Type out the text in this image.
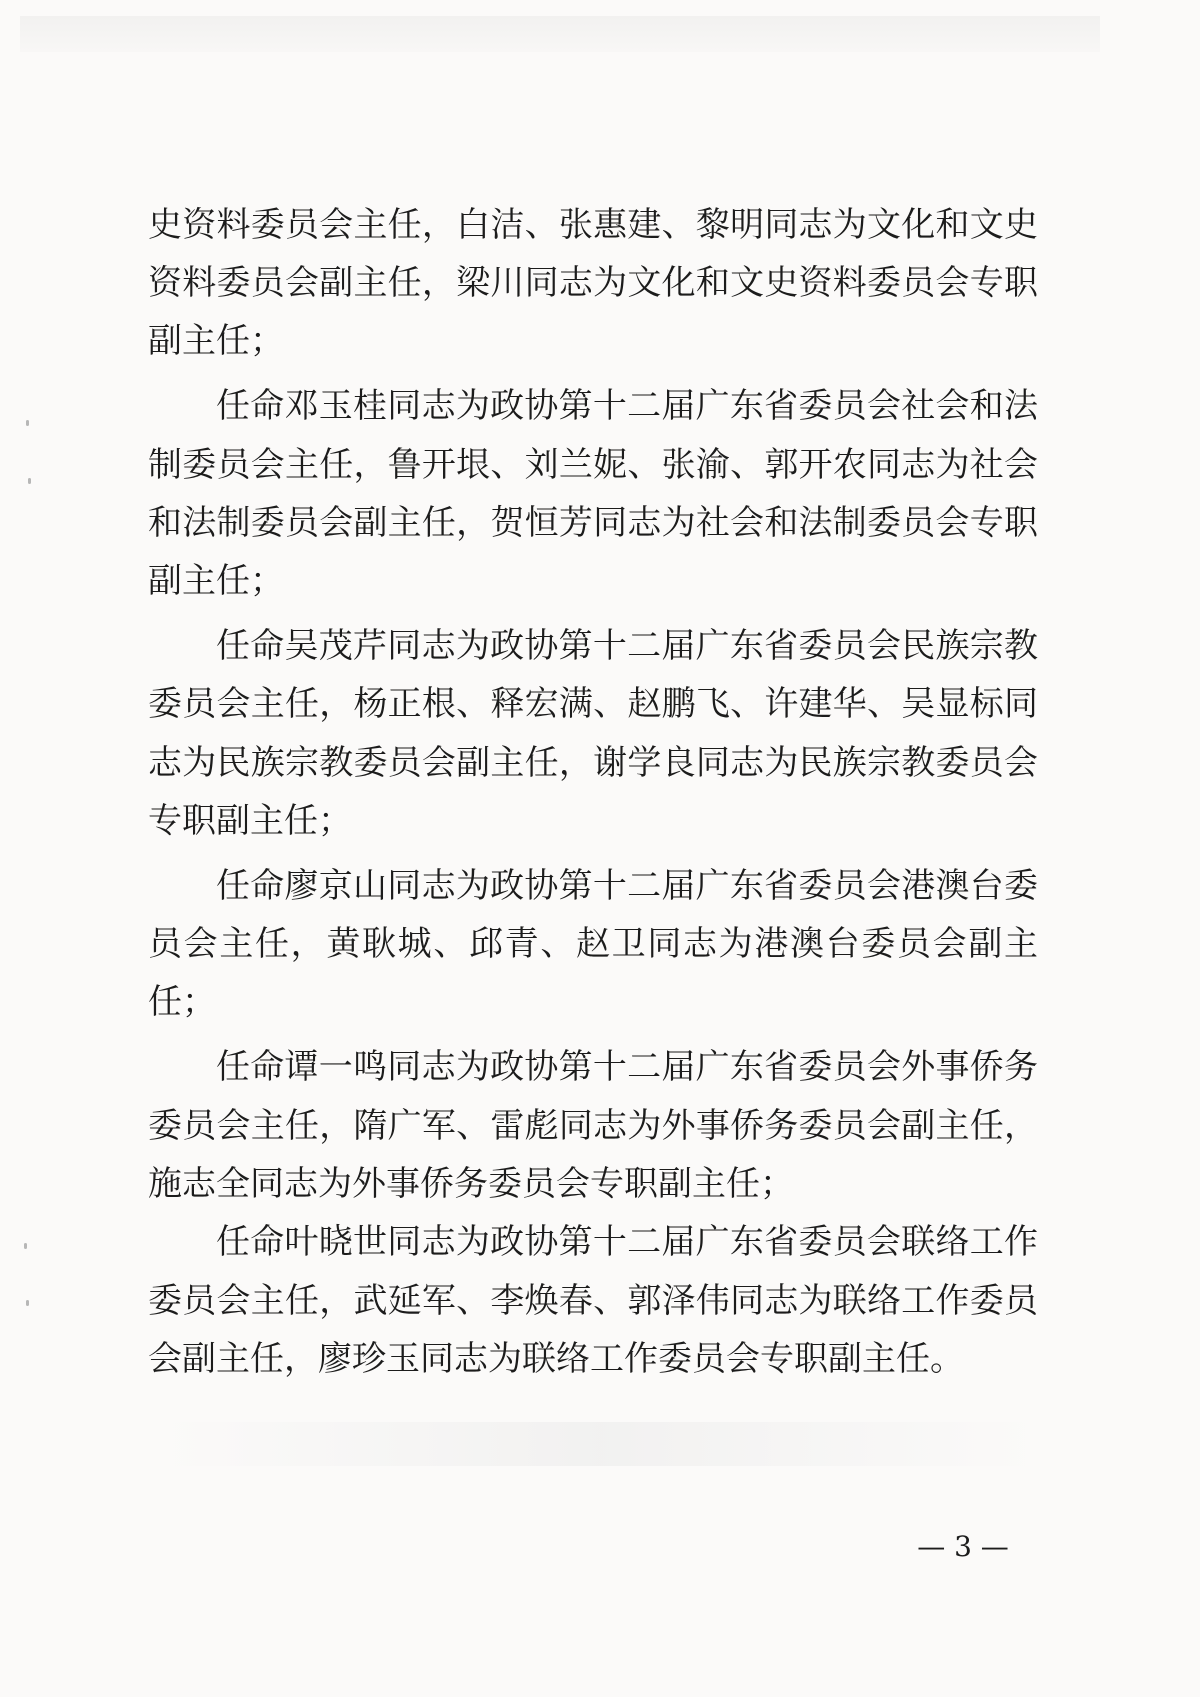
史资料委员会主任，白洁、张惠建、黎明同志为文化和文史
资料委员会副主任，梁川同志为文化和文史资料委员会专职
副主任；
任命邓玉桂同志为政协第十二届广东省委员会社会和法
制委员会主任，鲁开垠、刘兰妮、张渝、郭开农同志为社会
和法制委员会副主任，贺恒芳同志为社会和法制委员会专职
副主任；
任命吴茂芹同志为政协第十二届广东省委员会民族宗教
委员会主任，杨正根、释宏满、赵鹏飞、许建华、吴显标同
志为民族宗教委员会副主任，谢学良同志为民族宗教委员会
专职副主任；
任命廖京山同志为政协第十二届广东省委员会港澳台委
员会主任，黄耿城、邱青、赵卫同志为港澳台委员会副主
任；
任命谭一鸣同志为政协第十二届广东省委员会外事侨务
委员会主任，隋广军、雷彪同志为外事侨务委员会副主任，
施志全同志为外事侨务委员会专职副主任；
任命叶晓世同志为政协第十二届广东省委员会联络工作
委员会主任，武延军、李焕春、郭泽伟同志为联络工作委员
会副主任，廖珍玉同志为联络工作委员会专职副主任。
— 3 —
